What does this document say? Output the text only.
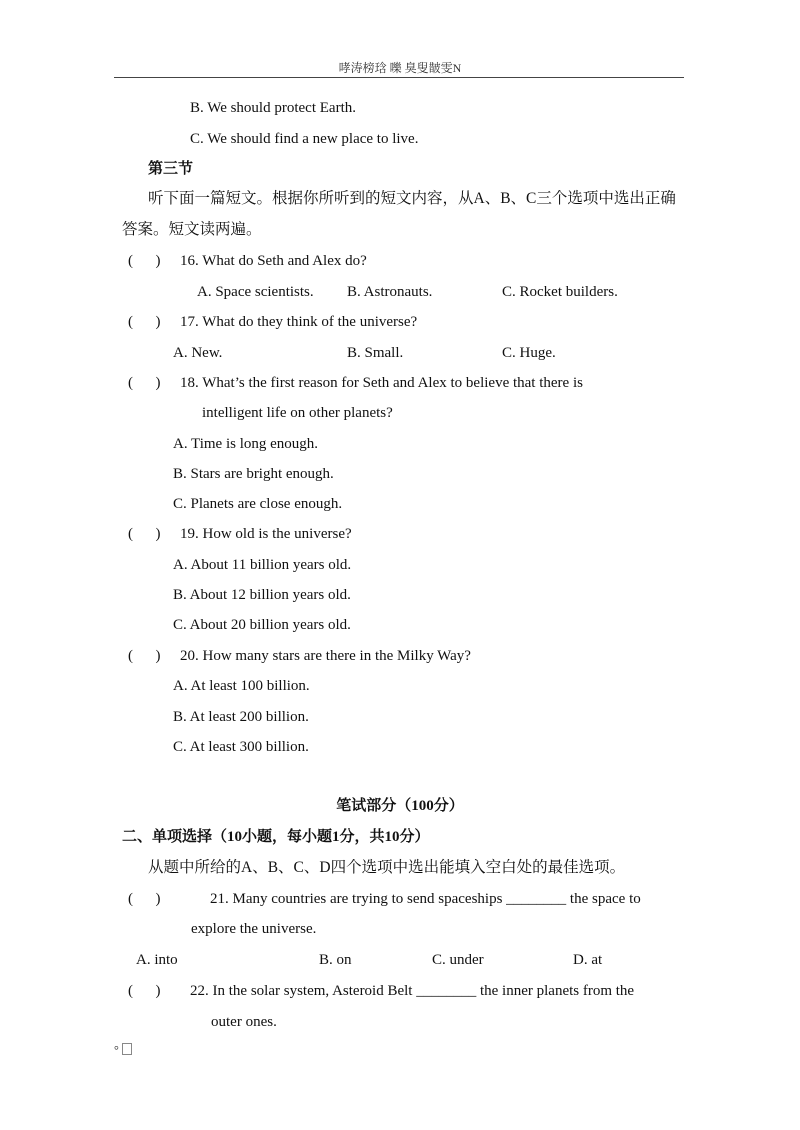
哮涛榜琀 嚛 臭叟皵雯N
B. We should protect Earth.
C. We should find a new place to live.
第三节
听下面一篇短文。根据你所听到的短文内容，从A、B、C三个选项中选出正确
答案。短文读两遍。
(      ) 16. What do Seth and Alex do?
A. Space scientists. B. Astronauts.	C. Rocket builders.
(      ) 17. What do they think of the universe?
A. New.	B. Small.	C. Huge.
(      ) 18. What’s the first reason for Seth and Alex to believe that there is
intelligent life on other planets?
A. Time is long enough.
B. Stars are bright enough.
C. Planets are close enough.
(      ) 19. How old is the universe?
A. About 11 billion years old.
B. About 12 billion years old.
C. About 20 billion years old.
(      ) 20. How many stars are there in the Milky Way?
A. At least 100 billion.
B. At least 200 billion.
C. At least 300 billion.
笔试部分（100分）
二、单项选择（10小题，每小题1分，共10分）
从题中所给的A、B、C、D四个选项中选出能填入空白处的最佳选项。
(      )	21. Many countries are trying to send spaceships ________ the space to
explore the universe.
A. into	B. on	C. under	D. at
(      ) 22. In the solar system, Asteroid Belt ________ the inner planets from the
outer ones.
°
